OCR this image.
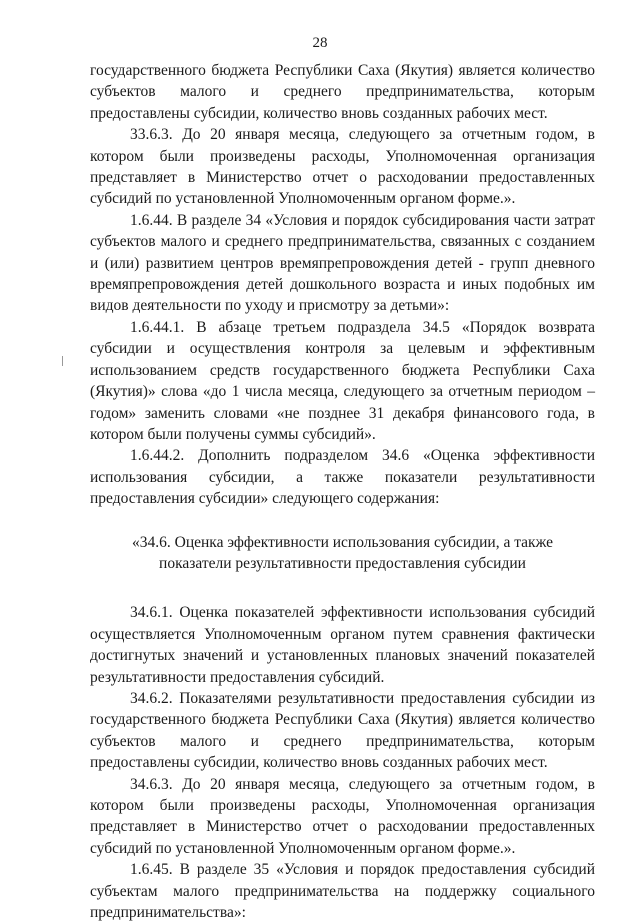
28

государственного бюджета Республики Саха (Якутия) является количество субъектов малого и среднего предпринимательства, которым предоставлены субсидии, количество вновь созданных рабочих мест.

33.6.3. До 20 января месяца, следующего за отчетным годом, в котором были произведены расходы, Уполномоченная организация представляет в Министерство отчет о расходовании предоставленных субсидий по установленной Уполномоченным органом форме.».

1.6.44. В разделе 34 «Условия и порядок субсидирования части затрат субъектов малого и среднего предпринимательства, связанных с созданием и (или) развитием центров времяпрепровождения детей - групп дневного времяпрепровождения детей дошкольного возраста и иных подобных им видов деятельности по уходу и присмотру за детьми»:

1.6.44.1. В абзаце третьем подраздела 34.5 «Порядок возврата субсидии и осуществления контроля за целевым и эффективным использованием средств государственного бюджета Республики Саха (Якутия)» слова «до 1 числа месяца, следующего за отчетным периодом – годом» заменить словами «не позднее 31 декабря финансового года, в котором были получены суммы субсидий».

1.6.44.2. Дополнить подразделом 34.6 «Оценка эффективности использования субсидии, а также показатели результативности предоставления субсидии» следующего содержания:

«34.6. Оценка эффективности использования субсидии, а также показатели результативности предоставления субсидии

34.6.1. Оценка показателей эффективности использования субсидий осуществляется Уполномоченным органом путем сравнения фактически достигнутых значений и установленных плановых значений показателей результативности предоставления субсидий.

34.6.2. Показателями результативности предоставления субсидии из государственного бюджета Республики Саха (Якутия) является количество субъектов малого и среднего предпринимательства, которым предоставлены субсидии, количество вновь созданных рабочих мест.

34.6.3. До 20 января месяца, следующего за отчетным годом, в котором были произведены расходы, Уполномоченная организация представляет в Министерство отчет о расходовании предоставленных субсидий по установленной Уполномоченным органом форме.».

1.6.45. В разделе 35 «Условия и порядок предоставления субсидий субъектам малого предпринимательства на поддержку социального предпринимательства»:
